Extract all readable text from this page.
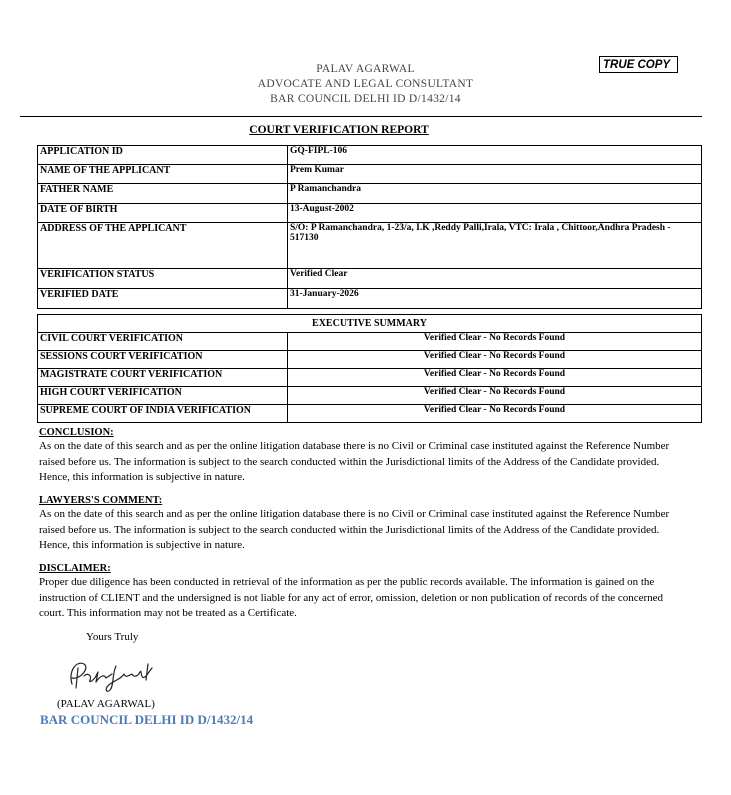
PALAV AGARWAL
ADVOCATE AND LEGAL CONSULTANT
BAR COUNCIL DELHI ID D/1432/14
TRUE COPY
COURT VERIFICATION REPORT
APPLICATION ID	GQ-FIPL-106
NAME OF THE APPLICANT	Prem Kumar
FATHER NAME	P Ramanchandra
DATE OF BIRTH	13-August-2002
ADDRESS OF THE APPLICANT	S/O: P Ramanchandra, 1-23/a, I.K ,Reddy Palli,Irala, VTC: Irala , Chittoor,Andhra Pradesh - 517130
VERIFICATION STATUS	Verified Clear
VERIFIED DATE	31-January-2026
EXECUTIVE SUMMARY	
CIVIL COURT VERIFICATION	Verified Clear - No Records Found
SESSIONS COURT VERIFICATION	Verified Clear - No Records Found
MAGISTRATE COURT VERIFICATION	Verified Clear - No Records Found
HIGH COURT VERIFICATION	Verified Clear - No Records Found
SUPREME COURT OF INDIA VERIFICATION	Verified Clear - No Records Found
CONCLUSION:
As on the date of this search and as per the online litigation database there is no Civil or Criminal case instituted against the Reference Number raised before us. The information is subject to the search conducted within the Jurisdictional limits of the Address of the Candidate provided. Hence, this information is subjective in nature.
LAWYERS'S COMMENT:
As on the date of this search and as per the online litigation database there is no Civil or Criminal case instituted against the Reference Number raised before us. The information is subject to the search conducted within the Jurisdictional limits of the Address of the Candidate provided. Hence, this information is subjective in nature.
DISCLAIMER:
Proper due diligence has been conducted in retrieval of the information as per the public records available. The information is gained on the instruction of CLIENT and the undersigned is not liable for any act of error, omission, deletion or non publication of records of the concerned court. This information may not be treated as a Certificate.
Yours Truly
(PALAV AGARWAL)
BAR COUNCIL DELHI ID D/1432/14
